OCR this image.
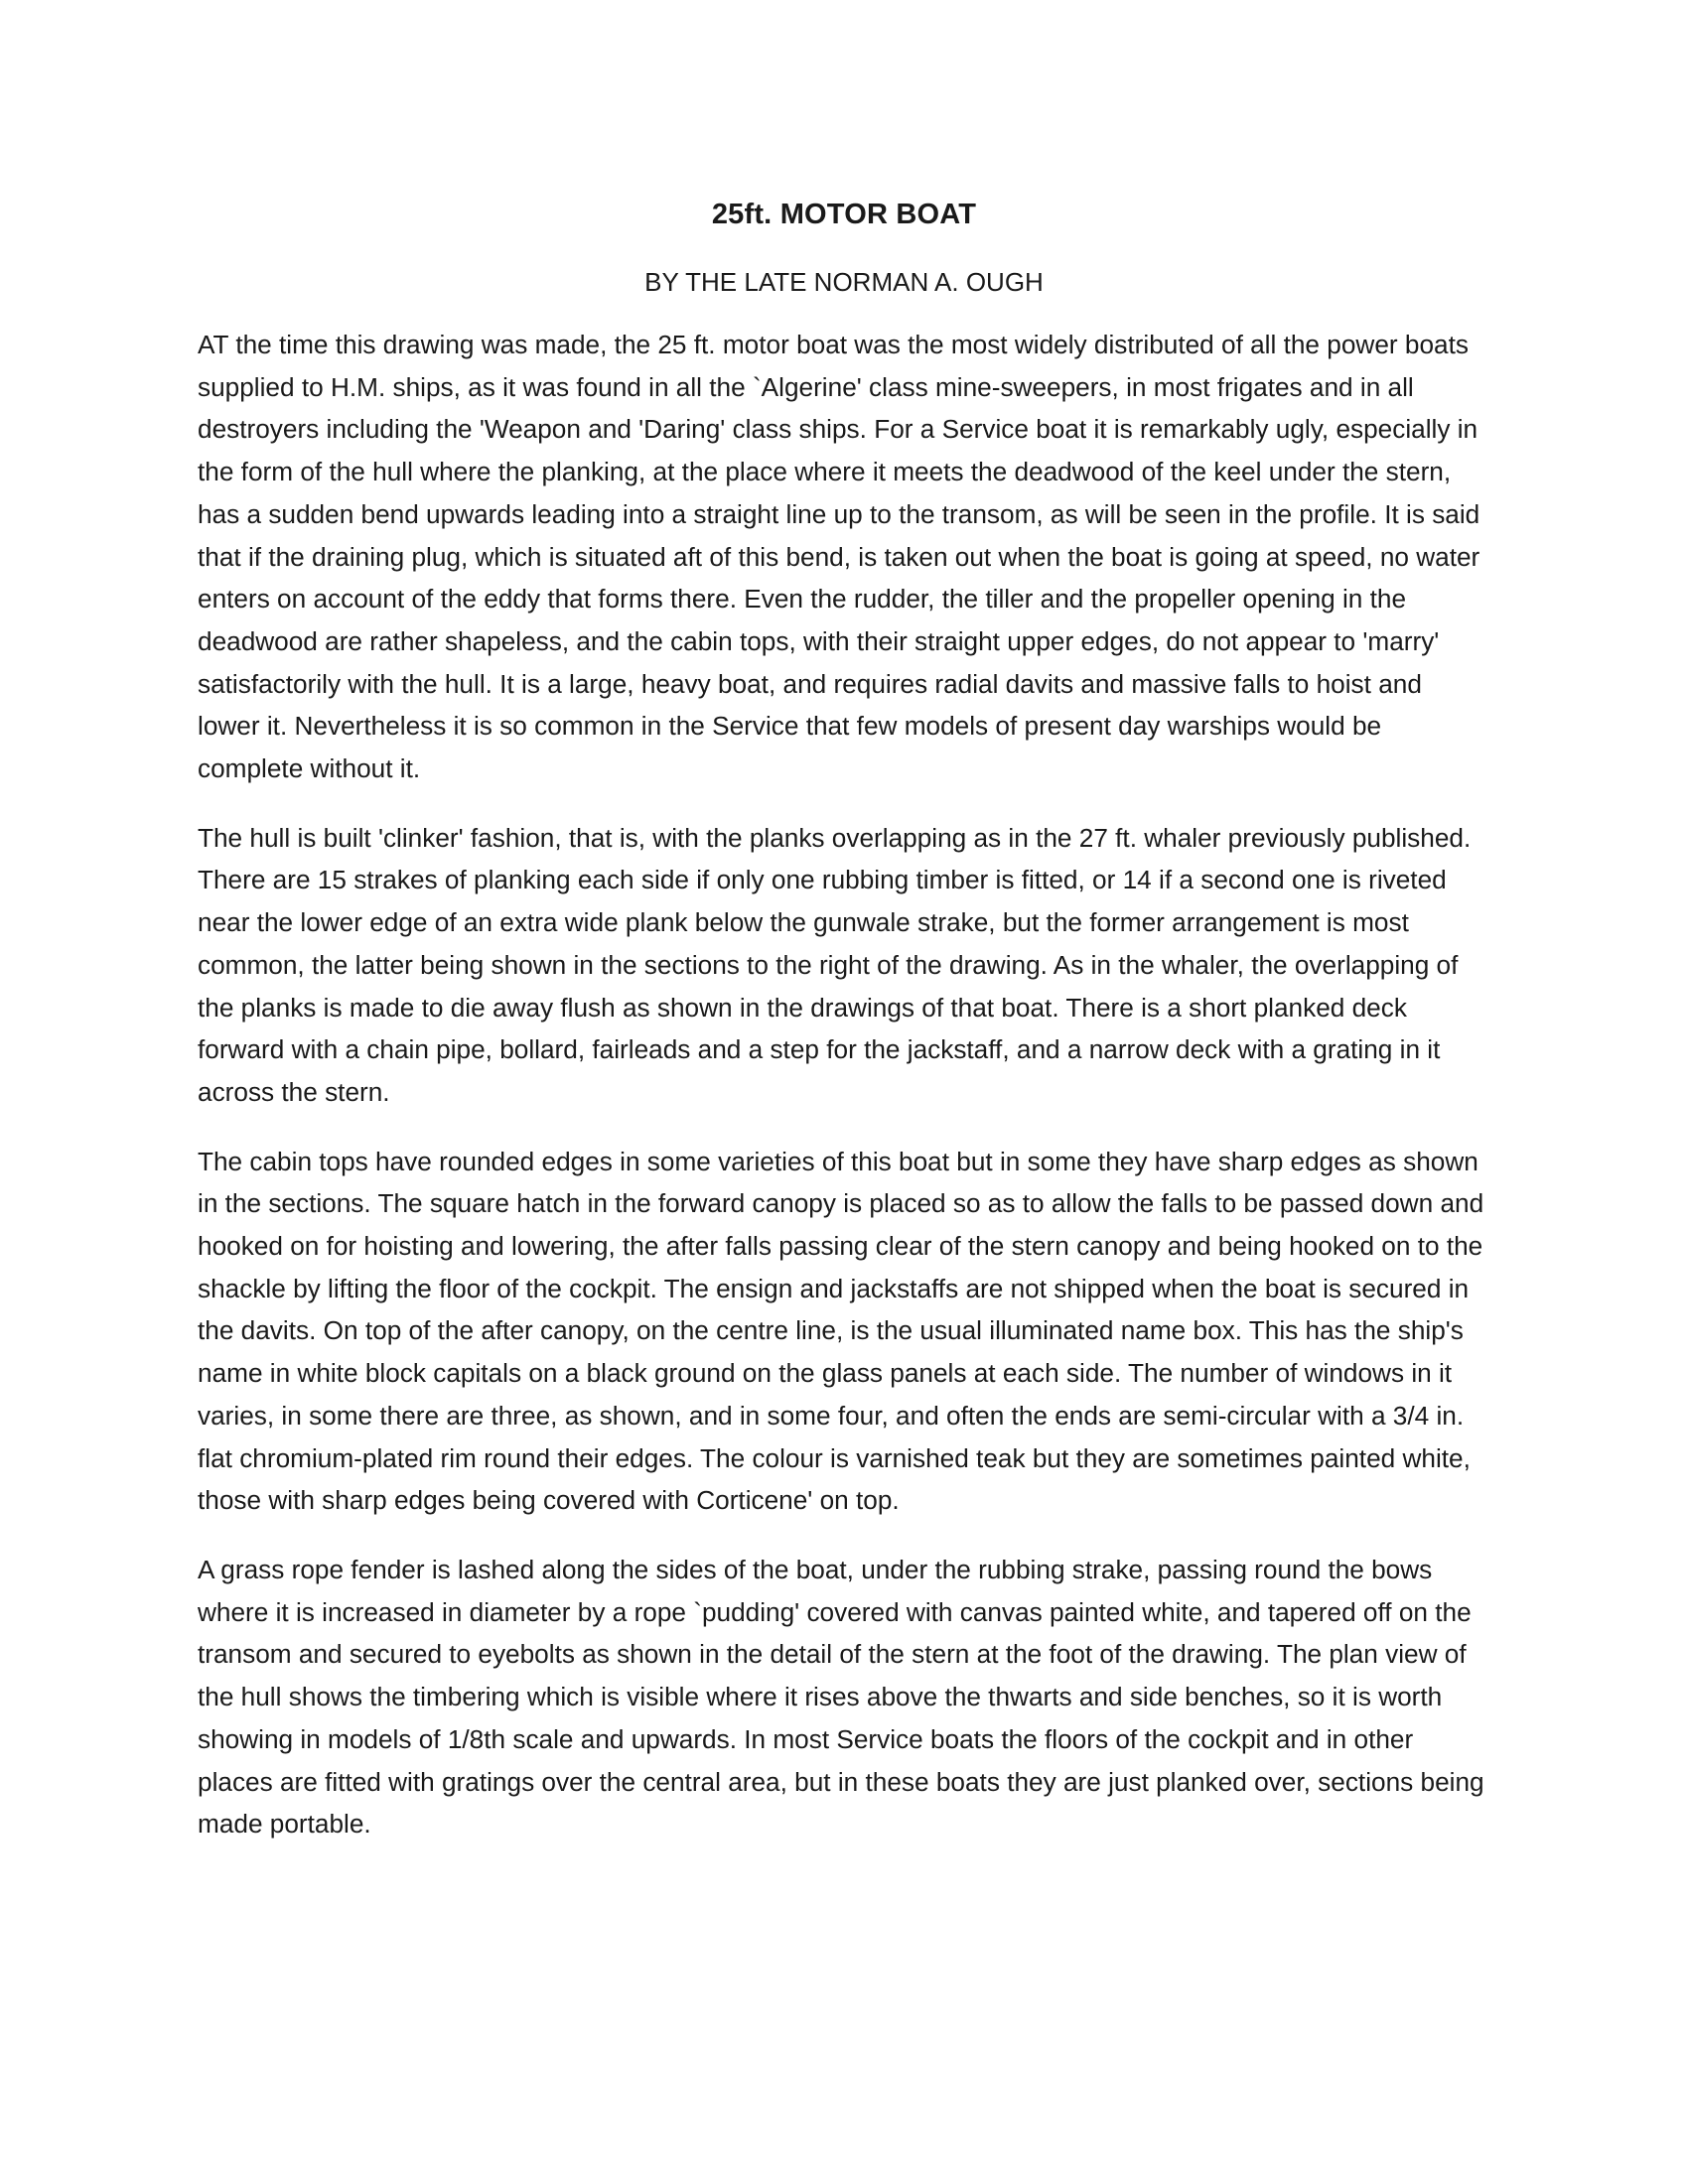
25ft. MOTOR BOAT
BY THE LATE NORMAN A. OUGH

AT the time this drawing was made, the 25 ft. motor boat was the most widely distributed of all the power boats supplied to H.M. ships, as it was found in all the `Algerine' class mine-sweepers, in most frigates and in all destroyers including the 'Weapon and 'Daring' class ships. For a Service boat it is remarkably ugly, especially in the form of the hull where the planking, at the place where it meets the deadwood of the keel under the stern, has a sudden bend upwards leading into a straight line up to the transom, as will be seen in the profile. It is said that if the draining plug, which is situated aft of this bend, is taken out when the boat is going at speed, no water enters on account of the eddy that forms there. Even the rudder, the tiller and the propeller opening in the deadwood are rather shapeless, and the cabin tops, with their straight upper edges, do not appear to 'marry' satisfactorily with the hull. It is a large, heavy boat, and requires radial davits and massive falls to hoist and lower it. Nevertheless it is so common in the Service that few models of present day warships would be complete without it.

The hull is built 'clinker' fashion, that is, with the planks overlapping as in the 27 ft. whaler previously published. There are 15 strakes of planking each side if only one rubbing timber is fitted, or 14 if a second one is riveted near the lower edge of an extra wide plank below the gunwale strake, but the former arrangement is most common, the latter being shown in the sections to the right of the drawing. As in the whaler, the overlapping of the planks is made to die away flush as shown in the drawings of that boat. There is a short planked deck forward with a chain pipe, bollard, fairleads and a step for the jackstaff, and a narrow deck with a grating in it across the stern.

The cabin tops have rounded edges in some varieties of this boat but in some they have sharp edges as shown in the sections. The square hatch in the forward canopy is placed so as to allow the falls to be passed down and hooked on for hoisting and lowering, the after falls passing clear of the stern canopy and being hooked on to the shackle by lifting the floor of the cockpit. The ensign and jackstaffs are not shipped when the boat is secured in the davits. On top of the after canopy, on the centre line, is the usual illuminated name box. This has the ship's name in white block capitals on a black ground on the glass panels at each side. The number of windows in it varies, in some there are three, as shown, and in some four, and often the ends are semi-circular with a 3/4 in. flat chromium-plated rim round their edges. The colour is varnished teak but they are sometimes painted white, those with sharp edges being covered with Corticene' on top.

A grass rope fender is lashed along the sides of the boat, under the rubbing strake, passing round the bows where it is increased in diameter by a rope `pudding' covered with canvas painted white, and tapered off on the transom and secured to eyebolts as shown in the detail of the stern at the foot of the drawing. The plan view of the hull shows the timbering which is visible where it rises above the thwarts and side benches, so it is worth showing in models of 1/8th scale and upwards. In most Service boats the floors of the cockpit and in other places are fitted with gratings over the central area, but in these boats they are just planked over, sections being made portable.
